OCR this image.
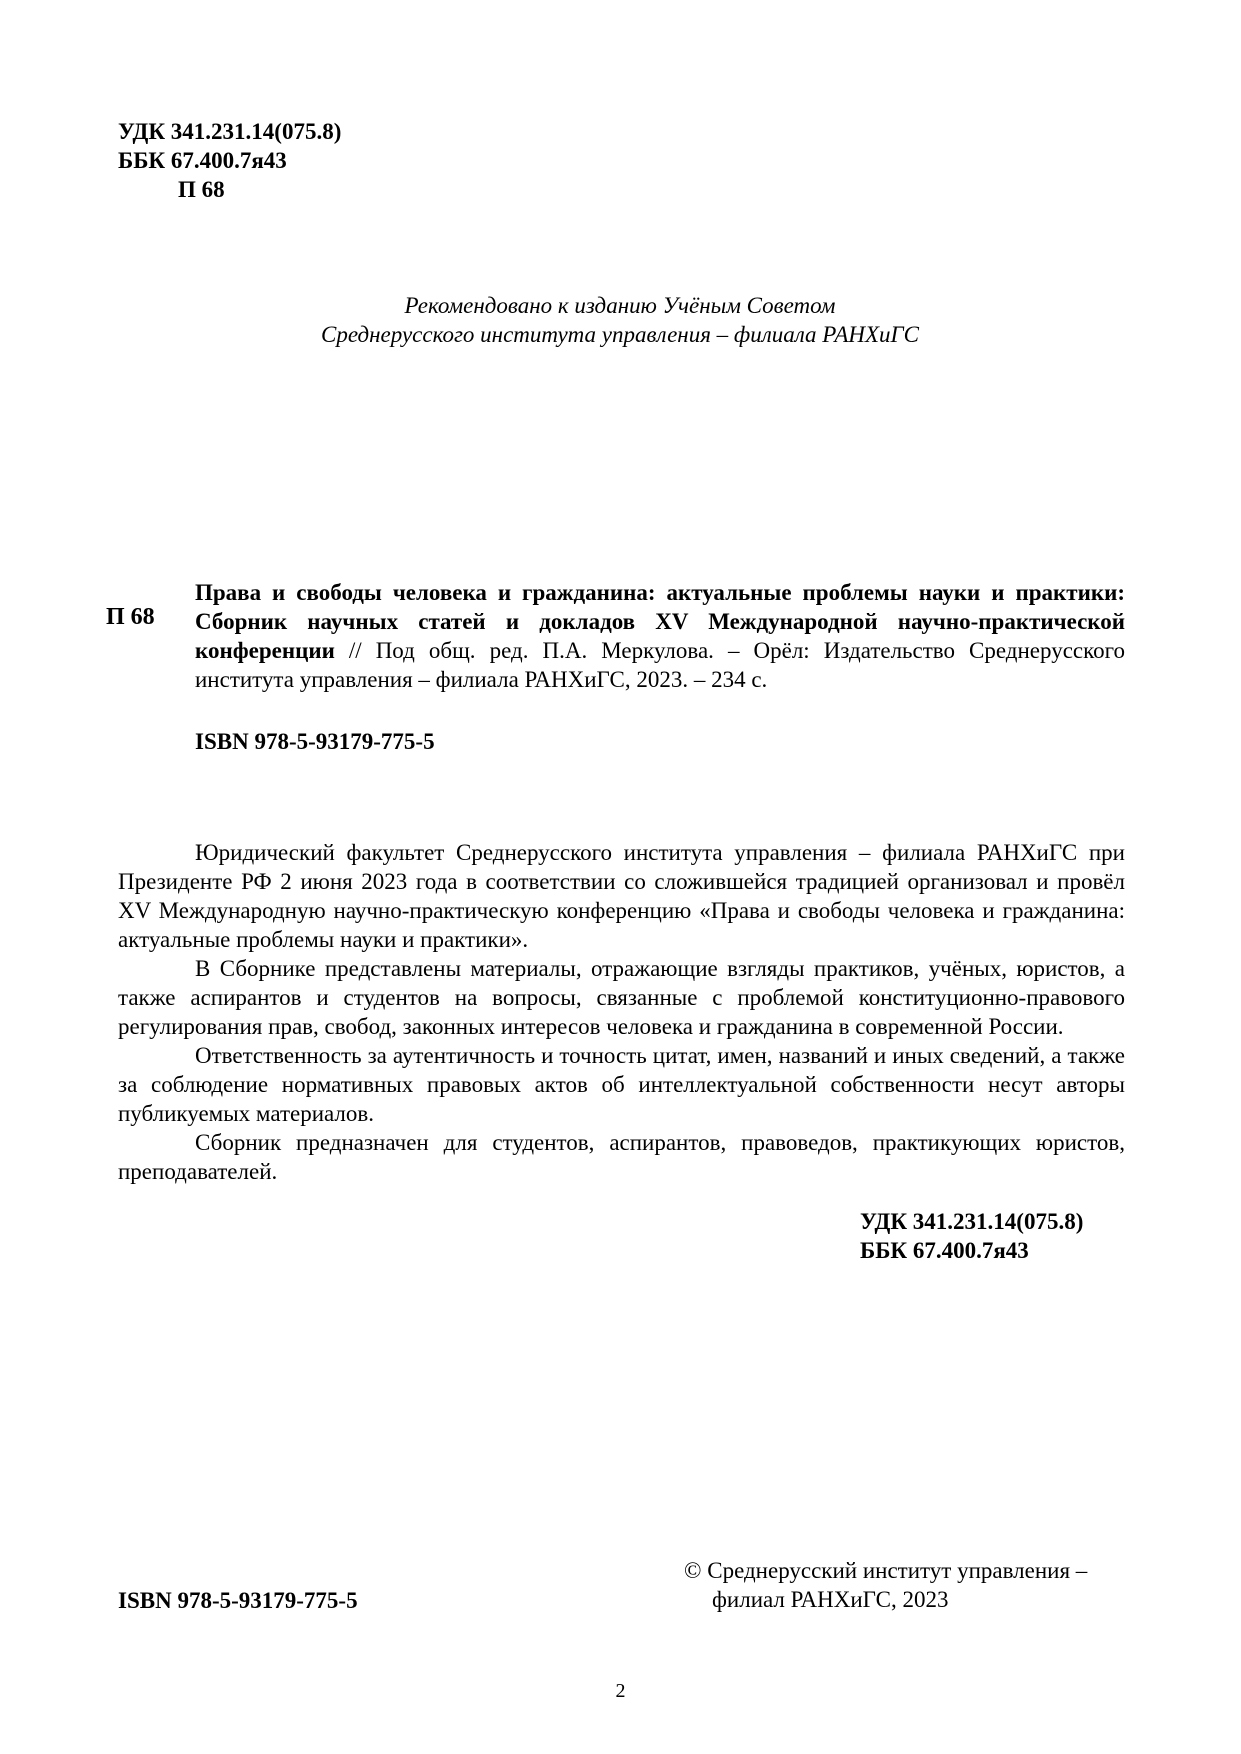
УДК 341.231.14(075.8)
ББК 67.400.7я43
П 68
Рекомендовано к изданию Учёным Советом
Среднерусского института управления – филиала РАНХиГС
П 68
Права и свободы человека и гражданина: актуальные проблемы науки и практики: Сборник научных статей и докладов XV Международной научно-практической конференции // Под общ. ред. П.А. Меркулова. – Орёл: Издательство Среднерусского института управления – филиала РАНХиГС, 2023. – 234 с.
ISBN 978-5-93179-775-5

Юридический факультет Среднерусского института управления – филиала РАНХиГС при Президенте РФ 2 июня 2023 года в соответствии со сложившейся традицией организовал и провёл XV Международную научно-практическую конференцию «Права и свободы человека и гражданина: актуальные проблемы науки и практики».

В Сборнике представлены материалы, отражающие взгляды практиков, учёных, юристов, а также аспирантов и студентов на вопросы, связанные с проблемой конституционно-правового регулирования прав, свобод, законных интересов человека и гражданина в современной России.

Ответственность за аутентичность и точность цитат, имен, названий и иных сведений, а также за соблюдение нормативных правовых актов об интеллектуальной собственности несут авторы публикуемых материалов.

Сборник предназначен для студентов, аспирантов, правоведов, практикующих юристов, преподавателей.

УДК 341.231.14(075.8)
ББК 67.400.7я43
ISBN 978-5-93179-775-5
© Среднерусский институт управления –
филиал РАНХиГС, 2023
2
